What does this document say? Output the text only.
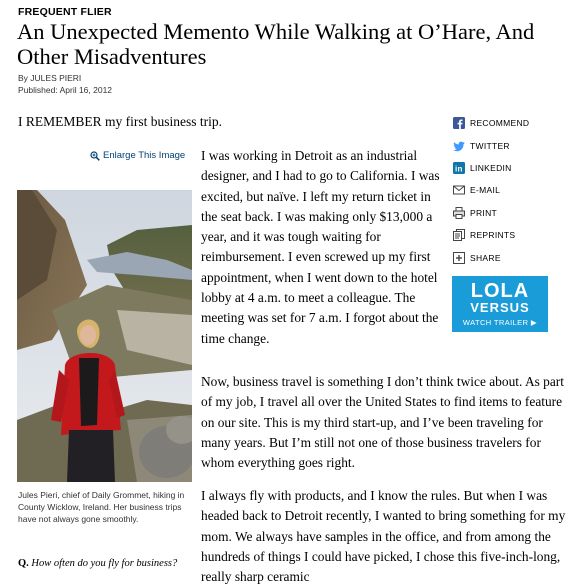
FREQUENT FLIER
An Unexpected Memento While Walking at O’Hare, And Other Misadventures
By JULES PIERI
Published: April 16, 2012
I REMEMBER my first business trip.
Enlarge This Image
Jules Pieri, chief of Daily Grommet, hiking in County Wicklow, Ireland. Her business trips have not always gone smoothly.
Q. How often do you fly for business?

I was working in Detroit as an industrial designer, and I had to go to California. I was excited, but naïve. I left my return ticket in the seat back. I was making only $13,000 a year, and it was tough waiting for reimbursement. I even screwed up my first appointment, when I went down to the hotel lobby at 4 a.m. to meet a colleague. The meeting was set for 7 a.m. I forgot about the time change.

Now, business travel is something I don’t think twice about. As part of my job, I travel all over the United States to find items to feature on our site. This is my third start-up, and I’ve been traveling for many years. But I’m still not one of those business travelers for whom everything goes right.

I always fly with products, and I know the rules. But when I was headed back to Detroit recently, I wanted to bring something for my mom. We always have samples in the office, and from among the hundreds of things I could have picked, I chose this five-inch-long, really sharp ceramic

RECOMMEND
TWITTER
in LINKEDIN
E-MAIL
PRINT
REPRINTS
SHARE
LOLA
VERSUS
WATCH TRAILER ▶
